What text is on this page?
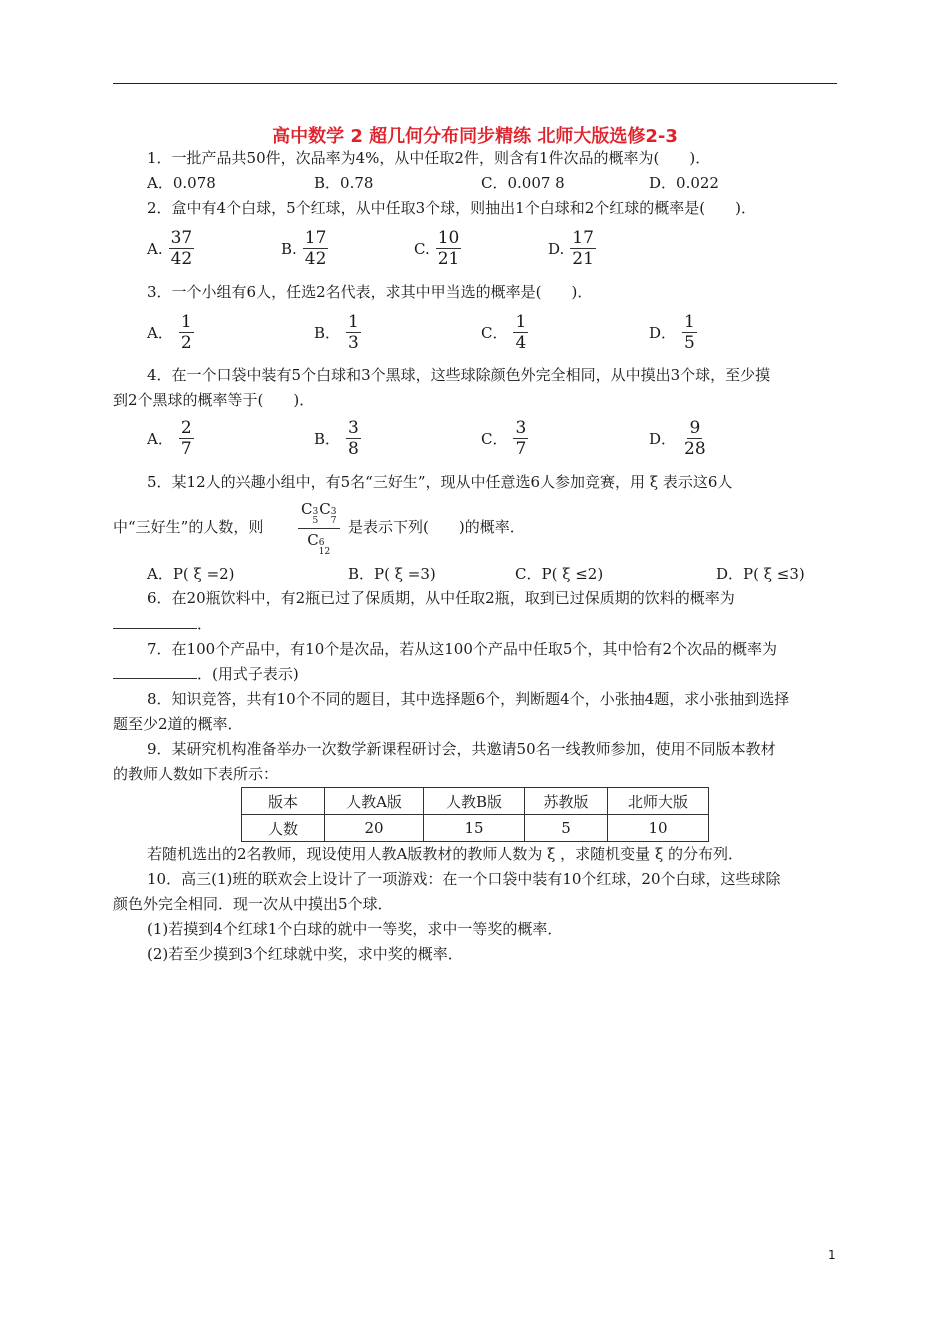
高中数学 2 超几何分布同步精练 北师大版选修2-3
1．一批产品共50件，次品率为4%，从中任取2件，则含有1件次品的概率为(　　)．
A．0.078	B．0.78	C．0.007 8	D．0.022
2．盒中有4个白球，5个红球，从中任取3个球，则抽出1个白球和2个红球的概率是(　　)．
A. $\frac{37}{42}$	B. $\frac{17}{42}$	C. $\frac{10}{21}$	D. $\frac{17}{21}$
3．一个小组有6人，任选2名代表，求其中甲当选的概率是(　　)．
A． $\frac{1}{2}$	B． $\frac{1}{3}$	C． $\frac{1}{4}$	D． $\frac{1}{5}$
4．在一个口袋中装有5个白球和3个黑球，这些球除颜色外完全相同，从中摸出3个球，至少摸
到2个黑球的概率等于(　　)．
A． $\frac{2}{7}$	B． $\frac{3}{8}$	C． $\frac{3}{7}$	D． $\frac{9}{28}$
5．某12人的兴趣小组中，有5名“三好生”，现从中任意选6人参加竞赛，用 ξ 表示这6人
中“三好生”的人数，则 C 3
5
C 3
7
C 6
12 是表示下列(　　)的概率．
A．P( ξ =2)	B．P( ξ =3)	C．P( ξ ≤2)	D．P( ξ ≤3)
6．在20瓶饮料中，有2瓶已过了保质期，从中任取2瓶，取到已过保质期的饮料的概率为
．
7．在100个产品中，有10个是次品，若从这100个产品中任取5个，其中恰有2个次品的概率为
．(用式子表示)
8．知识竞答，共有10个不同的题目，其中选择题6个，判断题4个，小张抽4题，求小张抽到选择
题至少2道的概率．
9．某研究机构准备举办一次数学新课程研讨会，共邀请50名一线教师参加，使用不同版本教材
的教师人数如下表所示：
版本	人教A版	人教B版	苏教版	北师大版
人数	20	15	5	10
若随机选出的2名教师，现设使用人教A版教材的教师人数为 ξ ，求随机变量 ξ 的分布列．
10．高三(1)班的联欢会上设计了一项游戏：在一个口袋中装有10个红球，20个白球，这些球除
颜色外完全相同．现一次从中摸出5个球．
(1)若摸到4个红球1个白球的就中一等奖，求中一等奖的概率．
(2)若至少摸到3个红球就中奖，求中奖的概率．
1
